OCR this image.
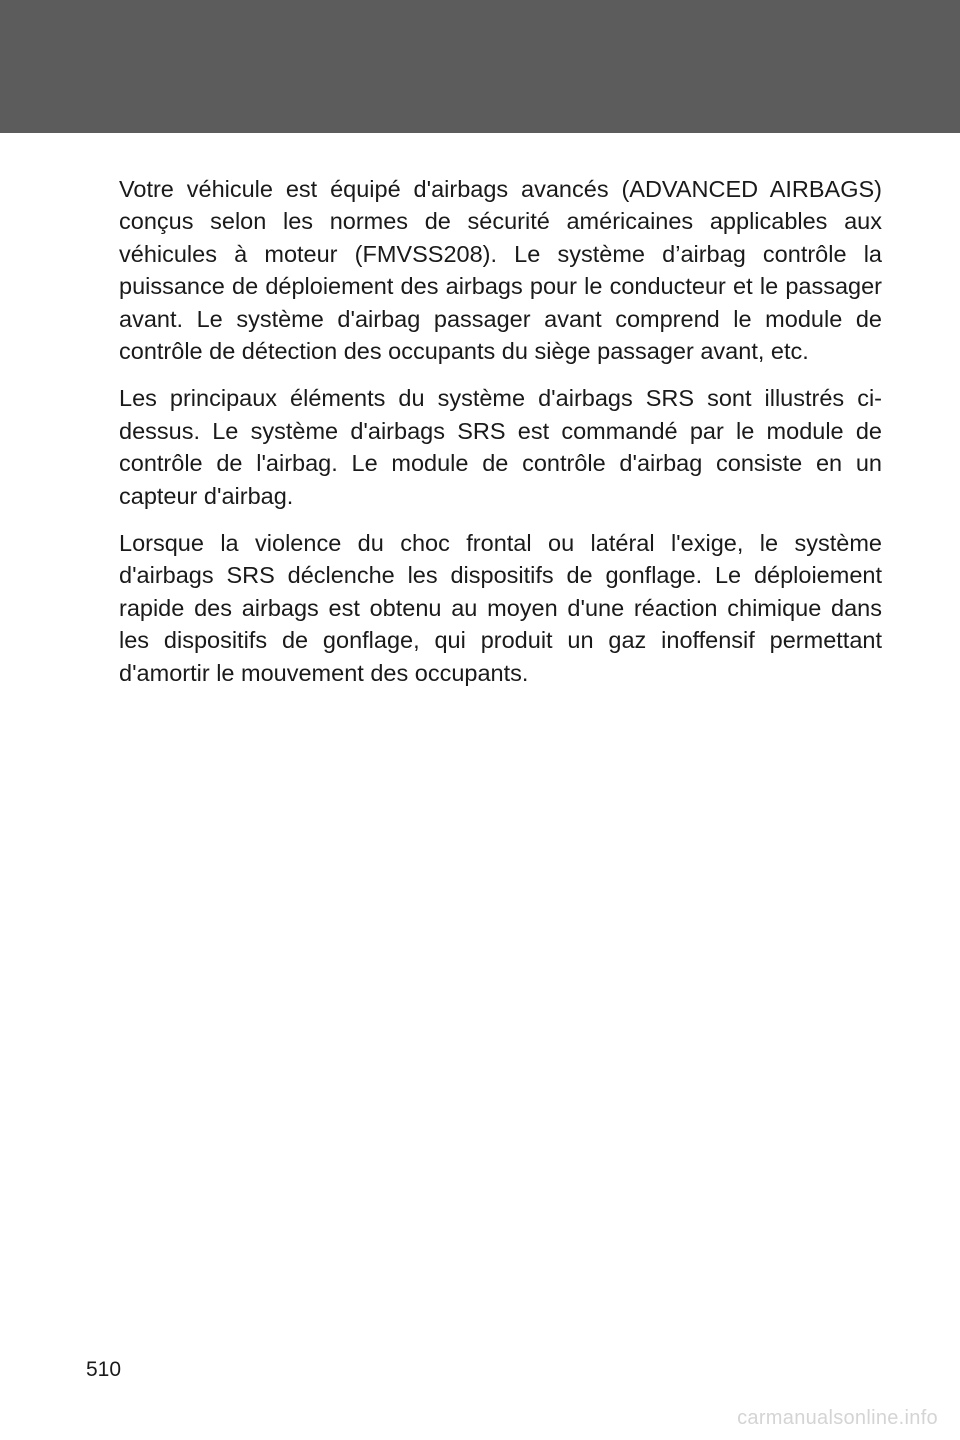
Votre véhicule est équipé d'airbags avancés (ADVANCED AIRBAGS) conçus selon les normes de sécurité américaines applicables aux véhicules à moteur (FMVSS208). Le système d’airbag contrôle la puissance de déploiement des airbags pour le conducteur et le passager avant. Le système d'airbag passager avant comprend le module de contrôle de détection des occupants du siège passager avant, etc.

Les principaux éléments du système d'airbags SRS sont illustrés ci-dessus. Le système d'airbags SRS est commandé par le module de contrôle de l'airbag. Le module de contrôle d'airbag consiste en un capteur d'airbag.

Lorsque la violence du choc frontal ou latéral l'exige, le système d'airbags SRS déclenche les dispositifs de gonflage. Le déploiement rapide des airbags est obtenu au moyen d'une réaction chimique dans les dispositifs de gonflage, qui produit un gaz inoffensif permettant d'amortir le mouvement des occupants.

510
carmanualsonline.info
